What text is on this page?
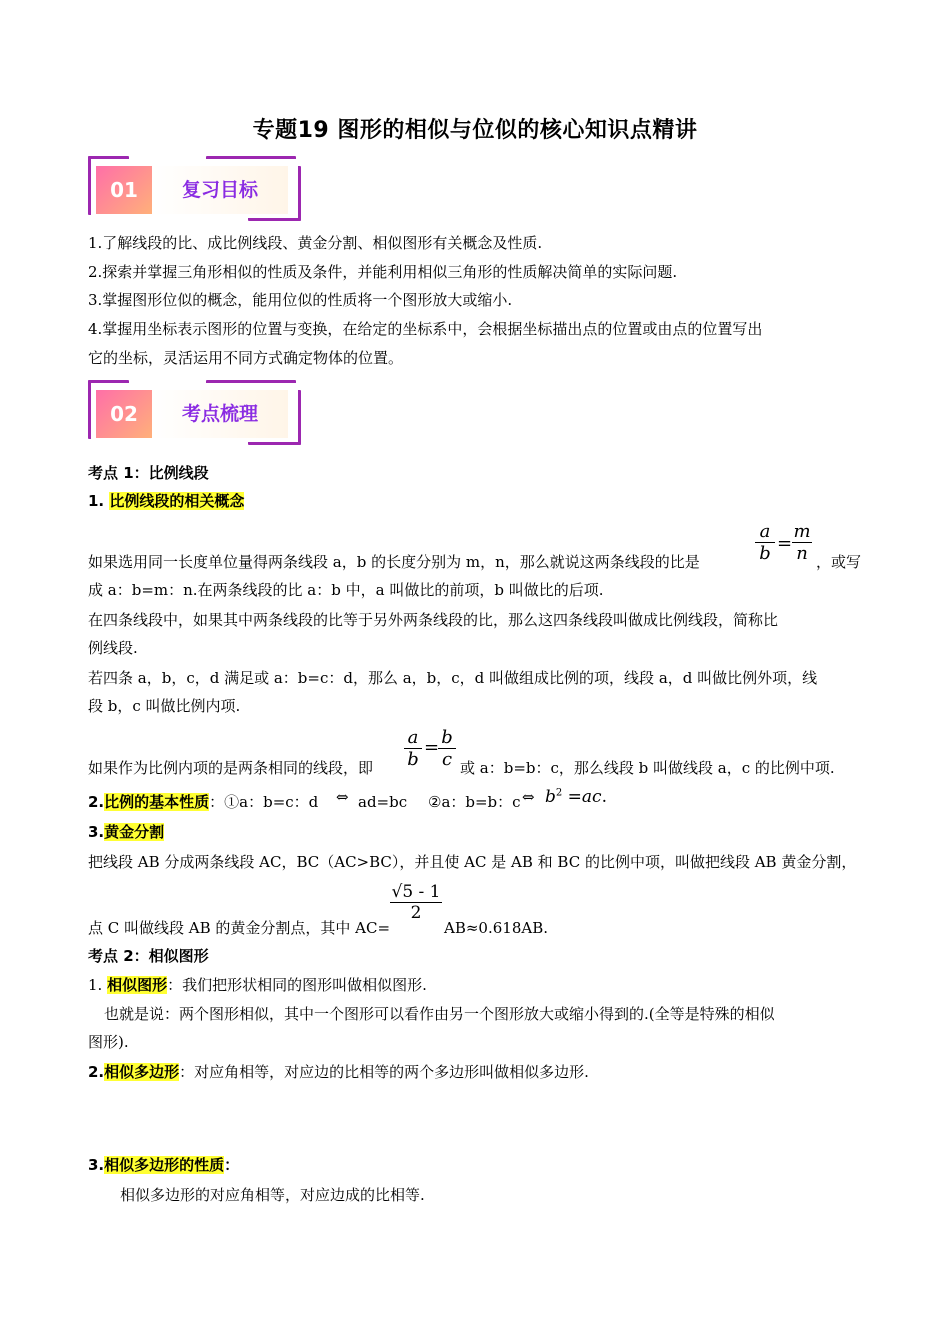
专题19 图形的相似与位似的核心知识点精讲
01	复习目标
1.了解线段的比、成比例线段、黄金分割、相似图形有关概念及性质.
2.探索并掌握三角形相似的性质及条件，并能利用相似三角形的性质解决简单的实际问题.
3.掌握图形位似的概念，能用位似的性质将一个图形放大或缩小.
4.掌握用坐标表示图形的位置与变换，在给定的坐标系中，会根据坐标描出点的位置或由点的位置写出
它的坐标，灵活运用不同方式确定物体的位置。
02	考点梳理
考点 1：比例线段
1. 比例线段的相关概念
$\frac{a}{b} = \frac{m}{n}$
如果选用同一长度单位量得两条线段 a，b 的长度分别为 m，n，那么就说这两条线段的比是	，或写
成 a：b=m：n.在两条线段的比 a：b 中，a 叫做比的前项，b 叫做比的后项.
在四条线段中，如果其中两条线段的比等于另外两条线段的比，那么这四条线段叫做成比例线段，简称比
例线段.
若四条 a，b，c，d 满足或 a：b=c：d，那么 a，b，c，d 叫做组成比例的项，线段 a，d 叫做比例外项，线
段 b，c 叫做比例内项.
$\frac{a}{b}$ =
$\frac{b}{c}$
如果作为比例内项的是两条相同的线段，即	或 a：b=b：c，那么线段 b 叫做线段 a，c 的比例中项.
2.比例的基本性质：①a：b=c：d ⇔ ad=bc ②a：b=b：c ⇔ $b^2 =ac$.
3.黄金分割
把线段 AB 分成两条线段 AC，BC（AC>BC），并且使 AC 是 AB 和 BC 的比例中项，叫做把线段 AB 黄金分割，
$\frac{√5 - 1}{2}$
点 C 叫做线段 AB 的黄金分割点，其中 AC=	AB≈0.618AB.
考点 2：相似图形
1. 相似图形：我们把形状相同的图形叫做相似图形.
也就是说：两个图形相似，其中一个图形可以看作由另一个图形放大或缩小得到的.(全等是特殊的相似
图形).
2.相似多边形：对应角相等，对应边的比相等的两个多边形叫做相似多边形.
3.相似多边形的性质：
相似多边形的对应角相等，对应边成的比相等.
